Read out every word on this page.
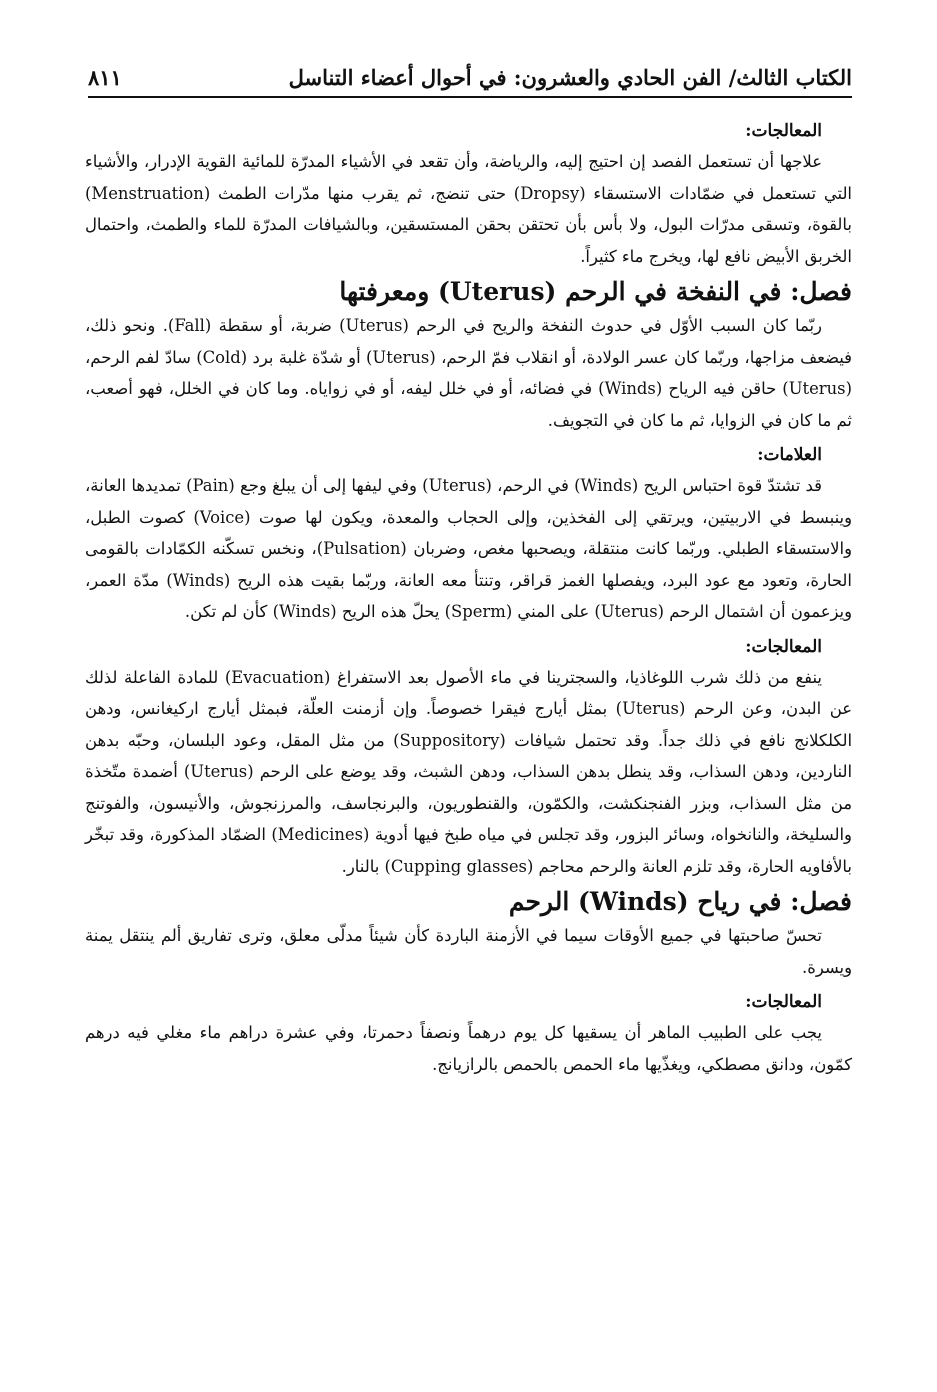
الكتاب الثالث/ الفن الحادي والعشرون: في أحوال أعضاء التناسل
٨١١
المعالجات:

علاجها أن تستعمل الفصد إن احتيج إليه، والرياضة، وأن تقعد في الأشياء المدرّة للمائية القوية الإدرار، والأشياء التي تستعمل في ضمّادات الاستسقاء (Dropsy) حتى تنضج، ثم يقرب منها مدّرات الطمث (Menstruation) بالقوة، وتسقى مدرّات البول، ولا بأس بأن تحتقن بحقن المستسقين، وبالشيافات المدرّة للماء والطمث، واحتمال الخربق الأبيض نافع لها، ويخرج ماء كثيراً.

فصل: في النفخة في الرحم (Uterus) ومعرفتها

ربّما كان السبب الأوّل في حدوث النفخة والريح في الرحم (Uterus) ضربة، أو سقطة (Fall). ونحو ذلك، فيضعف مزاجها، وربّما كان عسر الولادة، أو انقلاب فمّ الرحم، (Uterus) أو شدّة غلبة برد (Cold) سادّ لفم الرحم، (Uterus) حاقن فيه الرياح (Winds) في فضائه، أو في خلل ليفه، أو في زواياه. وما كان في الخلل، فهو أصعب، ثم ما كان في الزوايا، ثم ما كان في التجويف.

العلامات:

قد تشتدّ قوة احتباس الريح (Winds) في الرحم، (Uterus) وفي ليفها إلى أن يبلغ وجع (Pain) تمديدها العانة، وينبسط في الاربيتين، ويرتقي إلى الفخذين، وإلى الحجاب والمعدة، ويكون لها صوت (Voice) كصوت الطبل، والاستسقاء الطبلي. وربّما كانت منتقلة، ويصحبها مغص، وضربان (Pulsation)، ونخس تسكّنه الكمّادات بالقومى الحارة، وتعود مع عود البرد، ويفصلها الغمز قراقر، وتنتأ معه العانة، وربّما بقيت هذه الريح (Winds) مدّة العمر، ويزعمون أن اشتمال الرحم (Uterus) على المني (Sperm) يحلّ هذه الريح (Winds) كأن لم تكن.

المعالجات:

ينفع من ذلك شرب اللوغاذيا، والسجترينا في ماء الأصول بعد الاستفراغ (Evacuation) للمادة الفاعلة لذلك عن البدن، وعن الرحم (Uterus) بمثل أيارج فيقرا خصوصاً. وإن أزمنت العلّة، فبمثل أيارج اركيغانس، ودهن الكلكلانج نافع في ذلك جداً. وقد تحتمل شيافات (Suppository) من مثل المقل، وعود البلسان، وحبّه بدهن الناردين، ودهن السذاب، وقد ينطل بدهن السذاب، ودهن الشبث، وقد يوضع على الرحم (Uterus) أضمدة متّخذة من مثل السذاب، وبزر الفنجنكشت، والكمّون، والقنطوريون، والبرنجاسف، والمرزنجوش، والأنيسون، والفوتنج والسليخة، والنانخواه، وسائر البزور، وقد تجلس في مياه طبخ فيها أدوية (Medicines) الضمّاد المذكورة، وقد تبخّر بالأفاويه الحارة، وقد تلزم العانة والرحم محاجم (Cupping glasses) بالنار.

فصل: في رياح (Winds) الرحم

تحسّ صاحبتها في جميع الأوقات سيما في الأزمنة الباردة كأن شيئاً مدلّى معلق، وترى تفاريق ألم ينتقل يمنة ويسرة.

المعالجات:

يجب على الطبيب الماهر أن يسقيها كل يوم درهماً ونصفاً دحمرتا، وفي عشرة دراهم ماء مغلي فيه درهم كمّون، ودانق مصطكي، ويغذّيها ماء الحمص بالحمص بالرازيانج.
